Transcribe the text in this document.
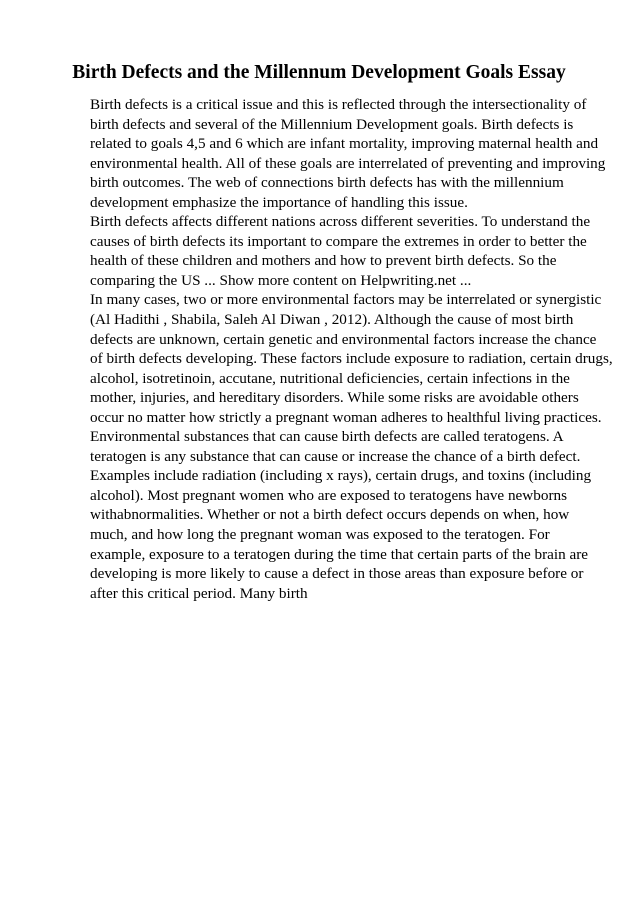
Birth Defects and the Millennum Development Goals Essay
Birth defects is a critical issue and this is reflected through the intersectionality of
birth defects and several of the Millennium Development goals. Birth defects is
related to goals 4,5 and 6 which are infant mortality, improving maternal health and
environmental health. All of these goals are interrelated of preventing and improving
birth outcomes. The web of connections birth defects has with the millennium
development emphasize the importance of handling this issue.
Birth defects affects different nations across different severities. To understand the
causes of birth defects its important to compare the extremes in order to better the
health of these children and mothers and how to prevent birth defects. So the
comparing the US ... Show more content on Helpwriting.net ...
In many cases, two or more environmental factors may be interrelated or synergistic
(Al Hadithi , Shabila, Saleh Al Diwan , 2012). Although the cause of most birth
defects are unknown, certain genetic and environmental factors increase the chance
of birth defects developing. These factors include exposure to radiation, certain drugs,
alcohol, isotretinoin, accutane, nutritional deficiencies, certain infections in the
mother, injuries, and hereditary disorders. While some risks are avoidable others
occur no matter how strictly a pregnant woman adheres to healthful living practices.
Environmental substances that can cause birth defects are called teratogens. A
teratogen is any substance that can cause or increase the chance of a birth defect.
Examples include radiation (including x rays), certain drugs, and toxins (including
alcohol). Most pregnant women who are exposed to teratogens have newborns
withabnormalities. Whether or not a birth defect occurs depends on when, how
much, and how long the pregnant woman was exposed to the teratogen. For
example, exposure to a teratogen during the time that certain parts of the brain are
developing is more likely to cause a defect in those areas than exposure before or
after this critical period. Many birth
